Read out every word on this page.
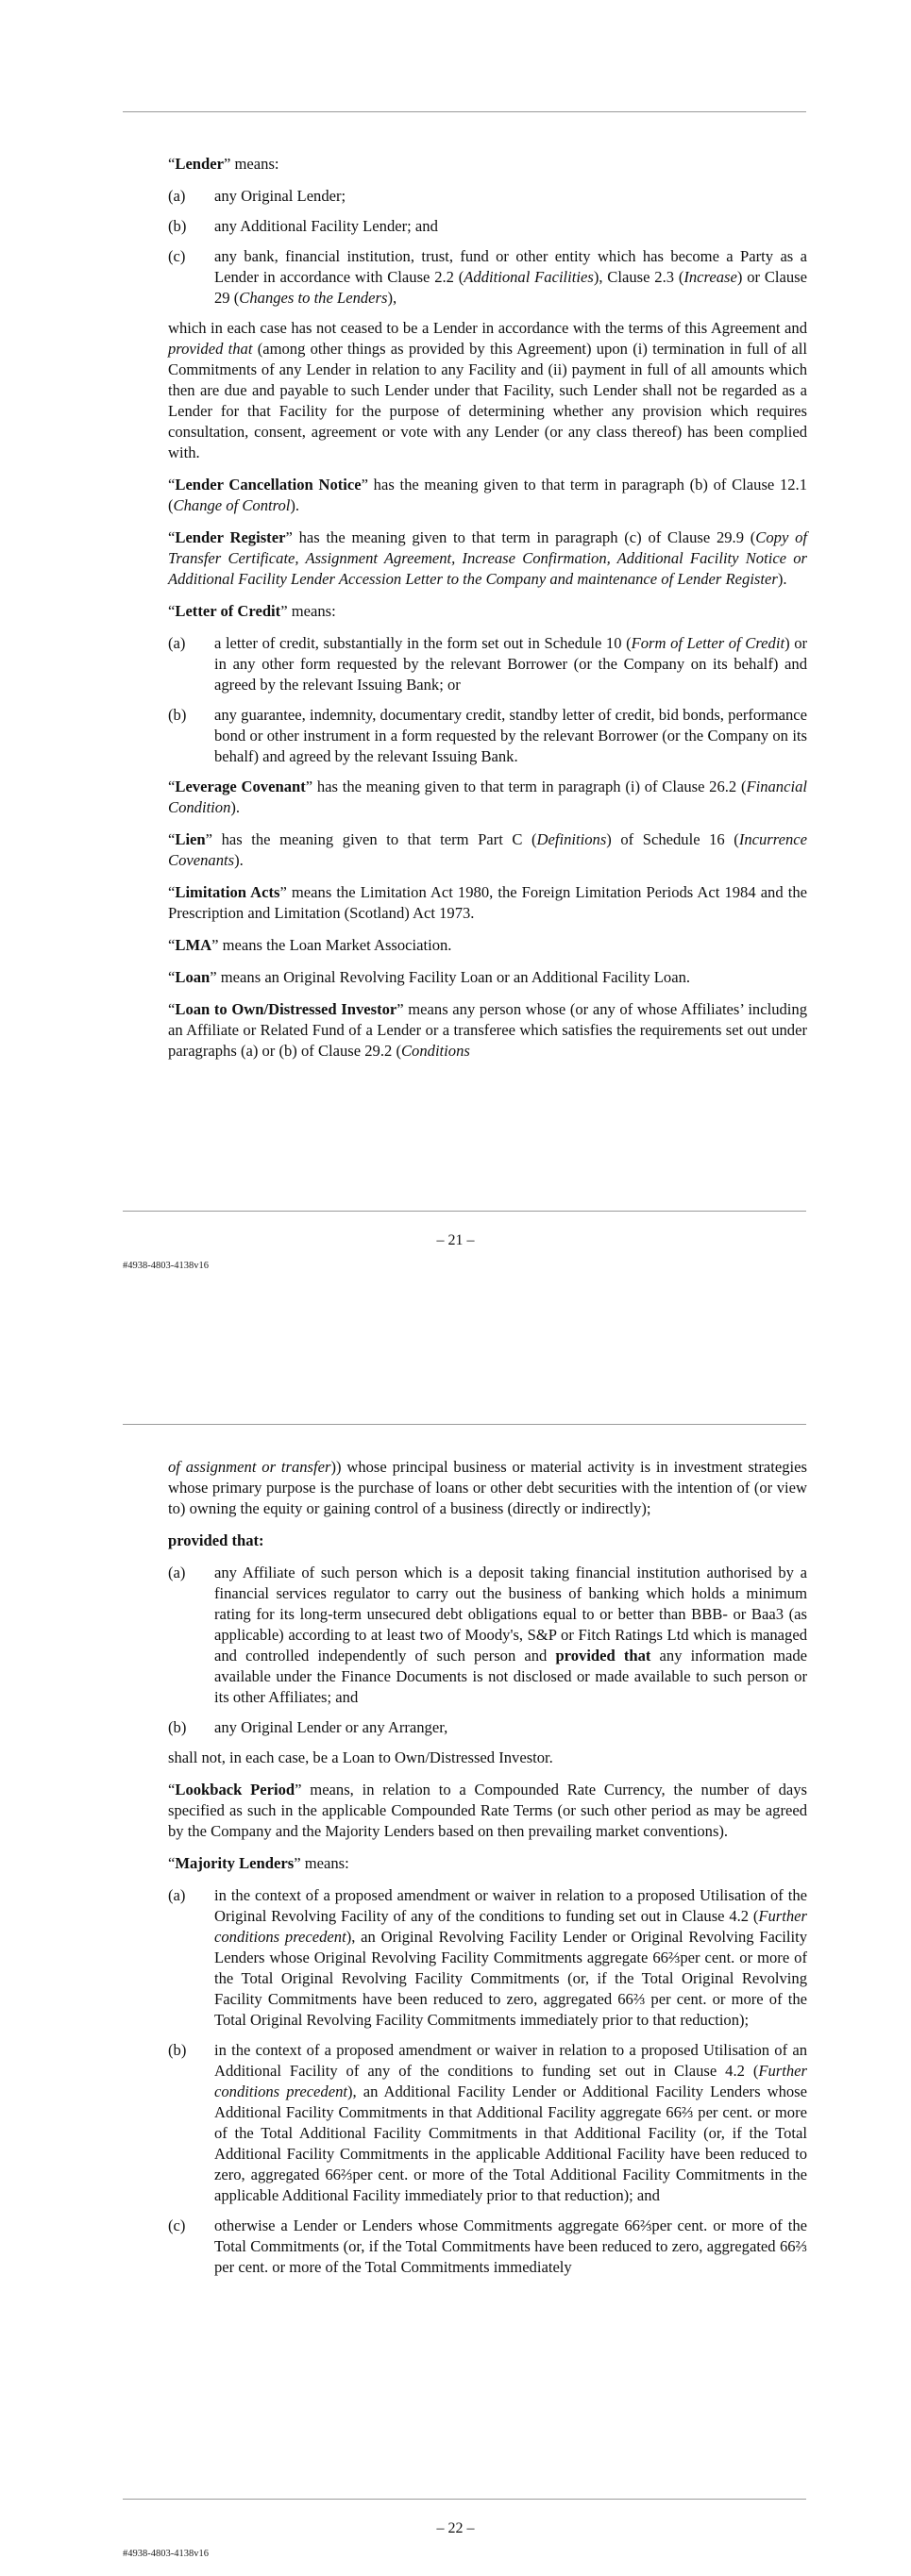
“Lender” means:

(a)	any Original Lender;
(b)	any Additional Facility Lender; and
(c)	any bank, financial institution, trust, fund or other entity which has become a Party as a Lender in accordance with Clause 2.2 (Additional Facilities), Clause 2.3 (Increase) or Clause 29 (Changes to the Lenders),

which in each case has not ceased to be a Lender in accordance with the terms of this Agreement and provided that (among other things as provided by this Agreement) upon (i) termination in full of all Commitments of any Lender in relation to any Facility and (ii) payment in full of all amounts which then are due and payable to such Lender under that Facility, such Lender shall not be regarded as a Lender for that Facility for the purpose of determining whether any provision which requires consultation, consent, agreement or vote with any Lender (or any class thereof) has been complied with.

“Lender Cancellation Notice” has the meaning given to that term in paragraph (b) of Clause 12.1 (Change of Control).

“Lender Register” has the meaning given to that term in paragraph (c) of Clause 29.9 (Copy of Transfer Certificate, Assignment Agreement, Increase Confirmation, Additional Facility Notice or Additional Facility Lender Accession Letter to the Company and maintenance of Lender Register).

“Letter of Credit” means:

(a)	a letter of credit, substantially in the form set out in Schedule 10 (Form of Letter of Credit) or in any other form requested by the relevant Borrower (or the Company on its behalf) and agreed by the relevant Issuing Bank; or
(b)	any guarantee, indemnity, documentary credit, standby letter of credit, bid bonds, performance bond or other instrument in a form requested by the relevant Borrower (or the Company on its behalf) and agreed by the relevant Issuing Bank.

“Leverage Covenant” has the meaning given to that term in paragraph (i) of Clause 26.2 (Financial Condition).

“Lien” has the meaning given to that term Part C (Definitions) of Schedule 16 (Incurrence Covenants).

“Limitation Acts” means the Limitation Act 1980, the Foreign Limitation Periods Act 1984 and the Prescription and Limitation (Scotland) Act 1973.

“LMA” means the Loan Market Association.

“Loan” means an Original Revolving Facility Loan or an Additional Facility Loan.

“Loan to Own/Distressed Investor” means any person whose (or any of whose Affiliates’ including an Affiliate or Related Fund of a Lender or a transferee which satisfies the requirements set out under paragraphs (a) or (b) of Clause 29.2 (Conditions

– 21 –
#4938-4803-4138v16

of assignment or transfer)) whose principal business or material activity is in investment strategies whose primary purpose is the purchase of loans or other debt securities with the intention of (or view to) owning the equity or gaining control of a business (directly or indirectly);

provided that:

(a)	any Affiliate of such person which is a deposit taking financial institution authorised by a financial services regulator to carry out the business of banking which holds a minimum rating for its long-term unsecured debt obligations equal to or better than BBB- or Baa3 (as applicable) according to at least two of Moody's, S&P or Fitch Ratings Ltd which is managed and controlled independently of such person and provided that any information made available under the Finance Documents is not disclosed or made available to such person or its other Affiliates; and
(b)	any Original Lender or any Arranger,

shall not, in each case, be a Loan to Own/Distressed Investor.

“Lookback Period” means, in relation to a Compounded Rate Currency, the number of days specified as such in the applicable Compounded Rate Terms (or such other period as may be agreed by the Company and the Majority Lenders based on then prevailing market conventions).

“Majority Lenders” means:

(a)	in the context of a proposed amendment or waiver in relation to a proposed Utilisation of the Original Revolving Facility of any of the conditions to funding set out in Clause 4.2 (Further conditions precedent), an Original Revolving Facility Lender or Original Revolving Facility Lenders whose Original Revolving Facility Commitments aggregate 66⅔per cent. or more of the Total Original Revolving Facility Commitments (or, if the Total Original Revolving Facility Commitments have been reduced to zero, aggregated 66⅔ per cent. or more of the Total Original Revolving Facility Commitments immediately prior to that reduction);
(b)	in the context of a proposed amendment or waiver in relation to a proposed Utilisation of an Additional Facility of any of the conditions to funding set out in Clause 4.2 (Further conditions precedent), an Additional Facility Lender or Additional Facility Lenders whose Additional Facility Commitments in that Additional Facility aggregate 66⅔ per cent. or more of the Total Additional Facility Commitments in that Additional Facility (or, if the Total Additional Facility Commitments in the applicable Additional Facility have been reduced to zero, aggregated 66⅔per cent. or more of the Total Additional Facility Commitments in the applicable Additional Facility immediately prior to that reduction); and
(c)	otherwise a Lender or Lenders whose Commitments aggregate 66⅔per cent. or more of the Total Commitments (or, if the Total Commitments have been reduced to zero, aggregated 66⅔ per cent. or more of the Total Commitments immediately
– 22 –
#4938-4803-4138v16
